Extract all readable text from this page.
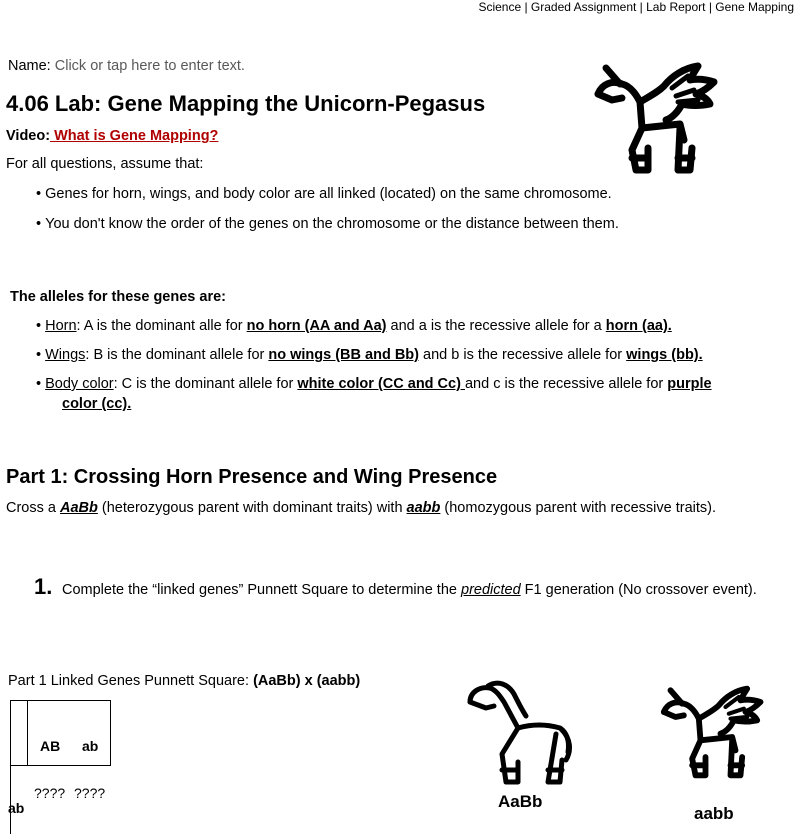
Science | Graded Assignment | Lab Report | Gene Mapping
Name: Click or tap here to enter text.
4.06 Lab: Gene Mapping the Unicorn-Pegasus
Video: What is Gene Mapping?
For all questions, assume that:
• Genes for horn, wings, and body color are all linked (located) on the same chromosome.
• You don't know the order of the genes on the chromosome or the distance between them.
The alleles for these genes are:
• Horn: A is the dominant alle for no horn (AA and Aa) and a is the recessive allele for a horn (aa).
• Wings: B is the dominant allele for no wings (BB and Bb) and b is the recessive allele for wings (bb).
• Body color: C is the dominant allele for white color (CC and Cc) and c is the recessive allele for purple
color (cc).
Part 1: Crossing Horn Presence and Wing Presence
Cross a AaBb (heterozygous parent with dominant traits) with aabb (homozygous parent with recessive traits).
1. Complete the “linked genes” Punnett Square to determine the predicted F1 generation (No crossover event).
Part 1 Linked Genes Punnett Square: (AaBb) x (aabb)
AB ab
???? ????
ab	AaBb
aabb
